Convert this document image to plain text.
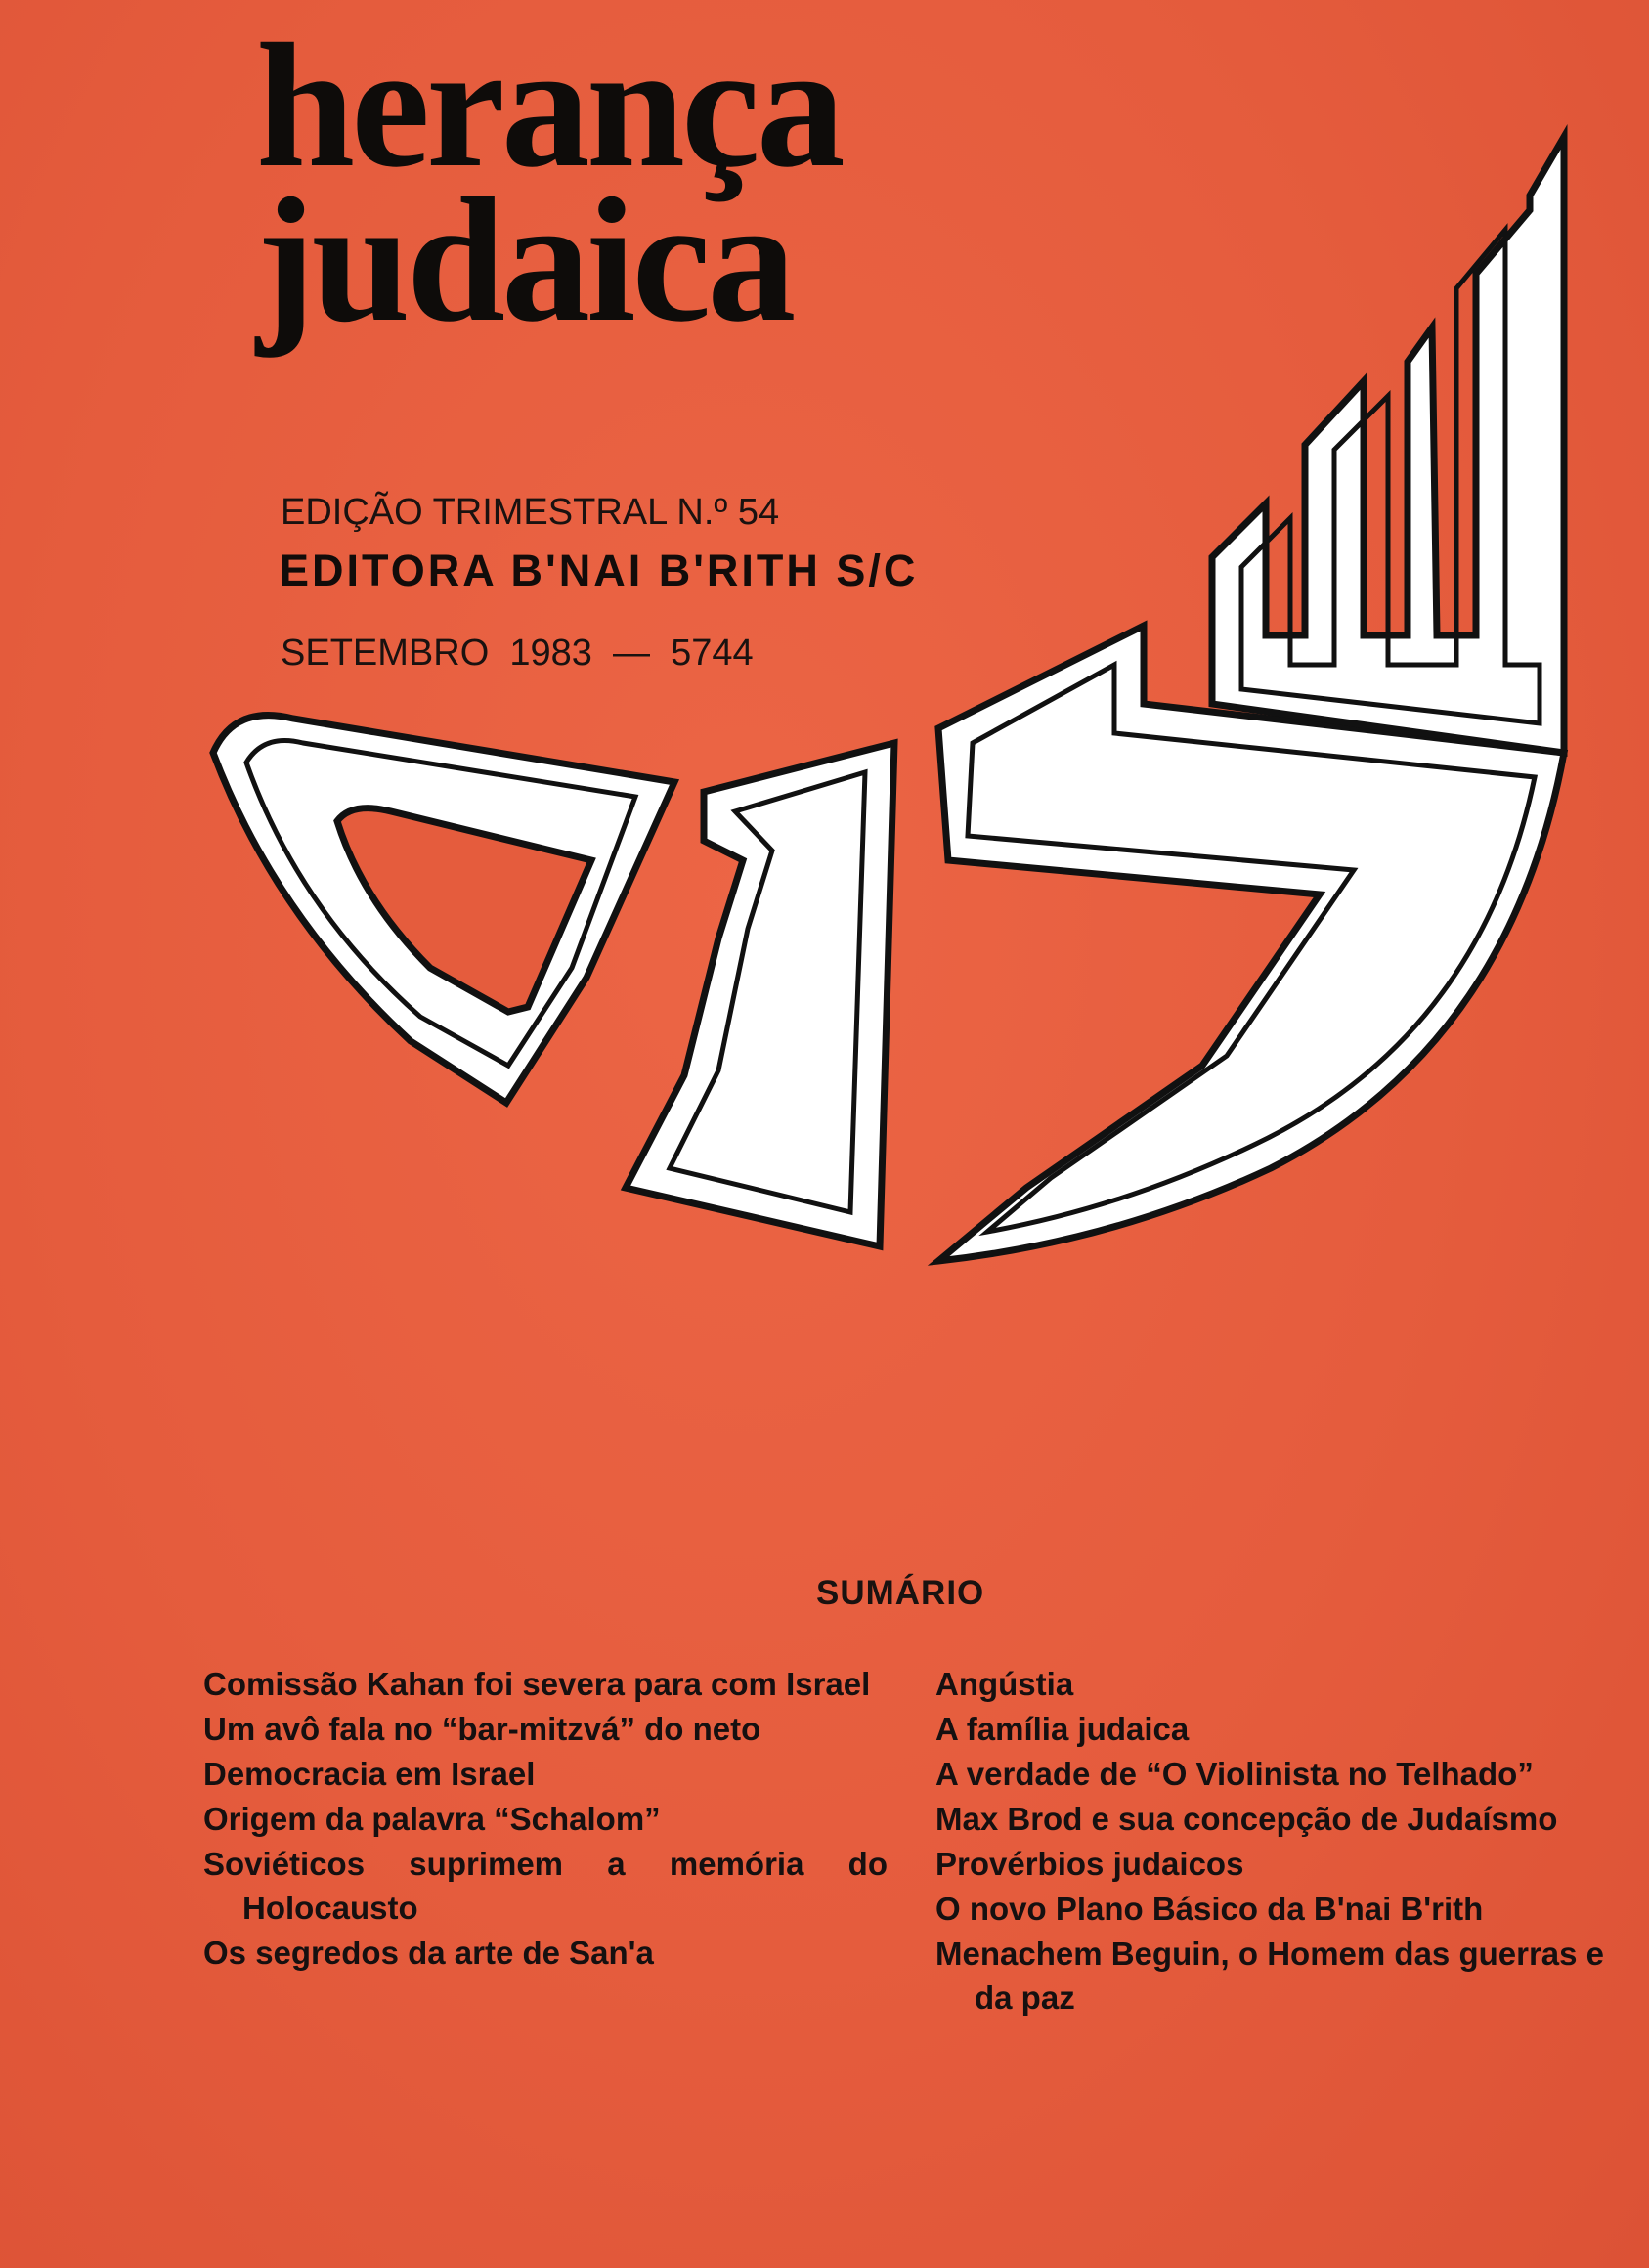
herança
judaica

EDIÇÃO TRIMESTRAL N.º 54

SETEMBRO  1983  —  5744

EDITORA B'NAI B'RITH S/C
SUMÁRIO
Comissão Kahan foi severa para com Israel
Um avô fala no “bar-mitzvá” do neto
Democracia em Israel
Origem da palavra “Schalom”
Soviéticos suprimem a memória do Holocausto
Os segredos da arte de San'a
Angústia
A família judaica
A verdade de “O Violinista no Telhado”
Max Brod e sua concepção de Judaísmo
Provérbios judaicos
O novo Plano Básico da B'nai B'rith
Menachem Beguin, o Homem das guerras e da paz
